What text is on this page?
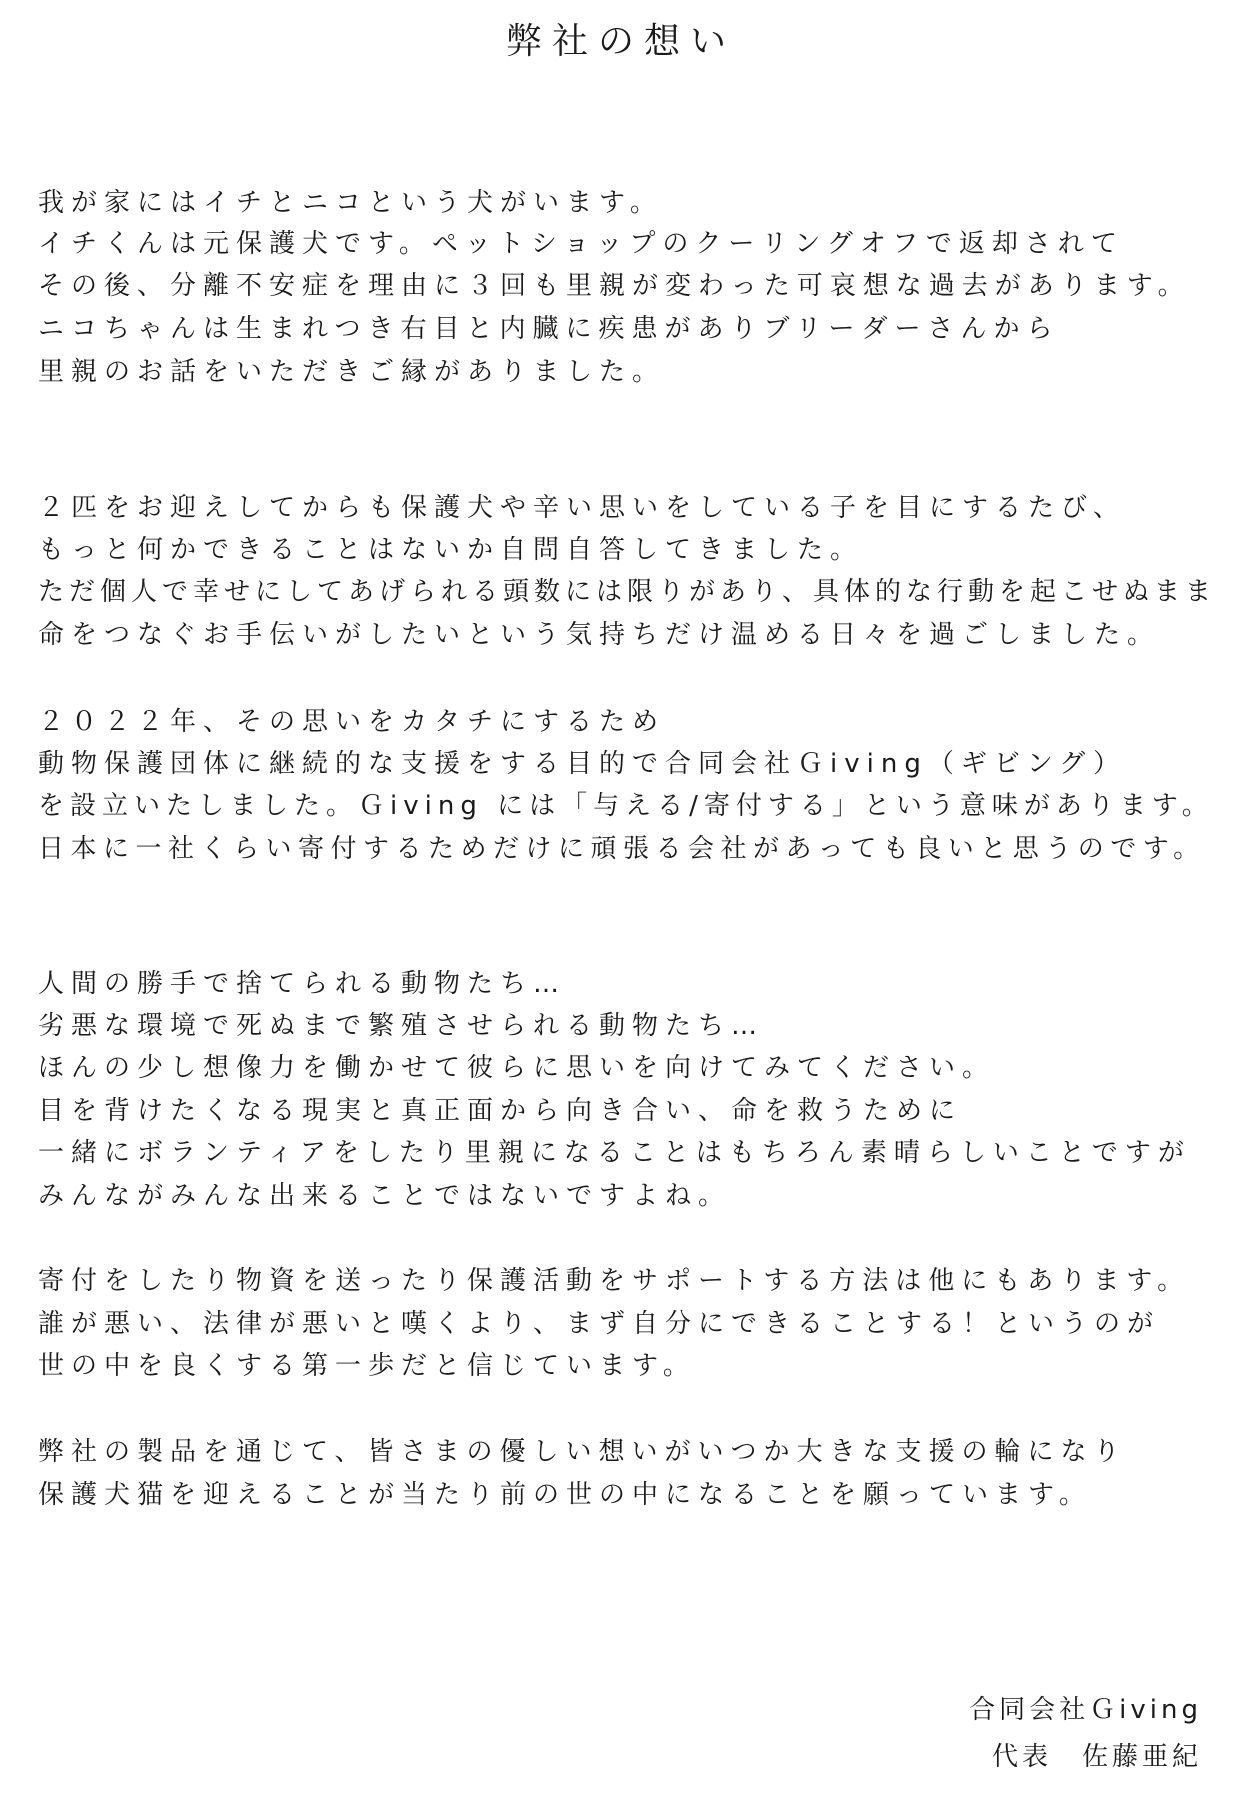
弊社の想い
我が家にはイチとニコという犬がいます。
イチくんは元保護犬です。ペットショップのクーリングオフで返却されて
その後、分離不安症を理由に３回も里親が変わった可哀想な過去があります。
ニコちゃんは生まれつき右目と内臓に疾患がありブリーダーさんから
里親のお話をいただきご縁がありました。
２匹をお迎えしてからも保護犬や辛い思いをしている子を目にするたび、
もっと何かできることはないか自問自答してきました。
ただ個人で幸せにしてあげられる頭数には限りがあり、具体的な行動を起こせぬまま
命をつなぐお手伝いがしたいという気持ちだけ温める日々を過ごしました。
２０２２年、その思いをカタチにするため
動物保護団体に継続的な支援をする目的で合同会社Ｇiving（ギビング）
を設立いたしました。Ｇiving には「与える/寄付する」という意味があります。
日本に一社くらい寄付するためだけに頑張る会社があっても良いと思うのです。
人間の勝手で捨てられる動物たち…
劣悪な環境で死ぬまで繁殖させられる動物たち…
ほんの少し想像力を働かせて彼らに思いを向けてみてください。
目を背けたくなる現実と真正面から向き合い、命を救うために
一緒にボランティアをしたり里親になることはもちろん素晴らしいことですが
みんながみんな出来ることではないですよね。
寄付をしたり物資を送ったり保護活動をサポートする方法は他にもあります。
誰が悪い、法律が悪いと嘆くより、まず自分にできることする！というのが
世の中を良くする第一歩だと信じています。
弊社の製品を通じて、皆さまの優しい想いがいつか大きな支援の輪になり
保護犬猫を迎えることが当たり前の世の中になることを願っています。
合同会社Ｇiving
代表　佐藤亜紀
